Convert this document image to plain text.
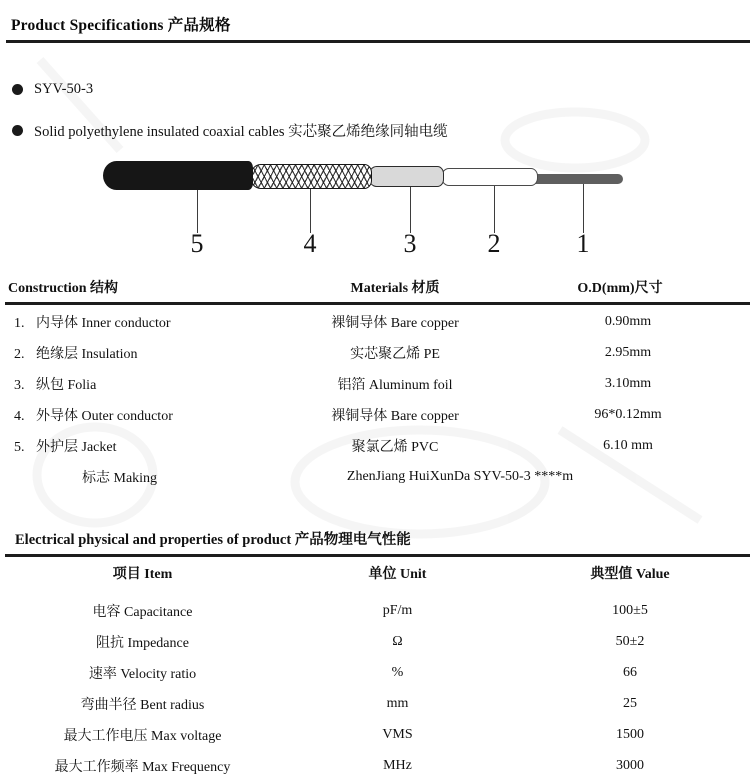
Product Specifications 产品规格
SYV-50-3
Solid polyethylene insulated coaxial cables 实芯聚乙烯绝缘同轴电缆
5	4	3	2	1
Construction 结构	Materials 材质	O.D(mm)尺寸
1. 内导体 Inner conductor	裸铜导体 Bare copper	0.90mm
2. 绝缘层 Insulation	实芯聚乙烯 PE	2.95mm
3. 纵包 Folia	铝箔 Aluminum foil	3.10mm
4. 外导体 Outer conductor	裸铜导体 Bare copper	96*0.12mm
5. 外护层 Jacket	聚氯乙烯 PVC	6.10 mm
标志 Making	ZhenJiang HuiXunDa SYV-50-3 ****m
Electrical physical and properties of product 产品物理电气性能
项目 Item	单位 Unit	典型值 Value
电容 Capacitance	pF/m	100±5
阻抗 Impedance	Ω	50±2
速率 Velocity ratio	%	66
弯曲半径 Bent radius	mm	25
最大工作电压 Max voltage	VMS	1500
最大工作频率 Max Frequency	MHz	3000
